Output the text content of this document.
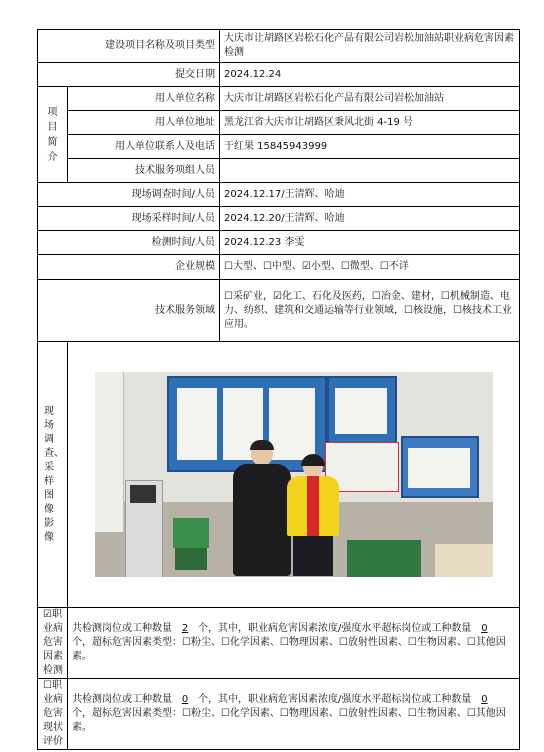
建设项目名称及项目类型		大庆市让胡路区岩松石化产品有限公司岩松加油站职业病危害因素检测
提交日期		2024.12.24
项目简介	用人单位名称	大庆市让胡路区岩松石化产品有限公司岩松加油站
	用人单位地址	黑龙江省大庆市让胡路区秉风北街 4-19 号
	用人单位联系人及电话	于红果 15845943999
	技术服务项组人员	
现场调查时间/人员		2024.12.17/王清辉、哈迪
现场采样时间/人员		2024.12.20/王清辉、哈迪
检测时间/人员		2024.12.23 李雯
企业规模		☐大型、☐中型、☑小型、☐微型、☐不详
技术服务领域		☐采矿业，☑化工、石化及医药，☐冶金、建材，☐机械制造、电力、纺织、建筑和交通运输等行业领域，☐核设施，☐核技术工业应用。
现场调查、采样图像影像		

☑职业病危害因素检测	共检测岗位或工种数量 2 个，其中，职业病危害因素浓度/强度水平超标岗位或工种数量 0个，超标危害因素类型：☐粉尘、☐化学因素、☐物理因素、☐放射性因素、☐生物因素、☐其他因素。	
☐职业病危害现状评价	共检测岗位或工种数量 0 个，其中，职业病危害因素浓度/强度水平超标岗位或工种数量 0个，超标危害因素类型：☐粉尘、☐化学因素、☐物理因素、☐放射性因素、☐生物因素、☐其他因素。	
